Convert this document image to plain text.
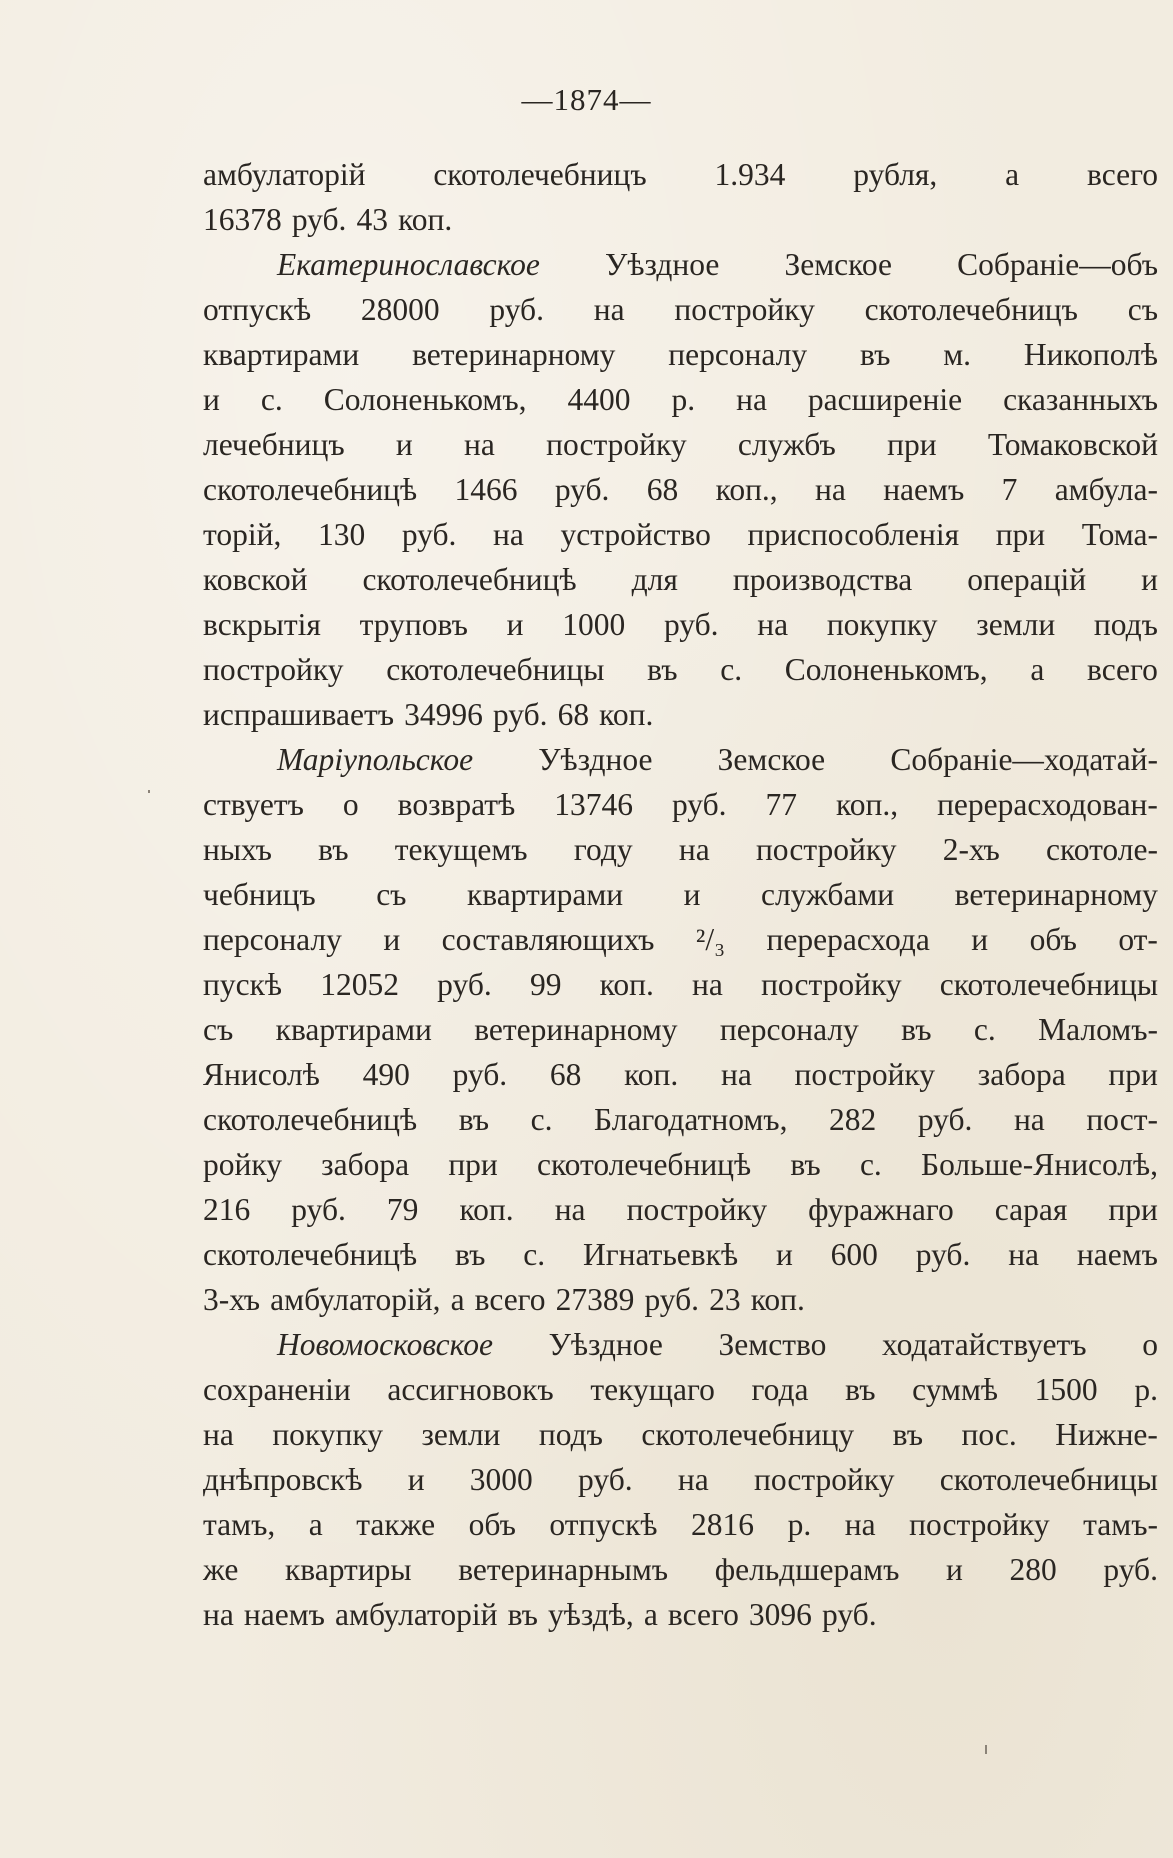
—1874—
амбулаторій скотолечебницъ 1.934 рубля, а всего
16378 руб. 43 коп.
Екатеринославское Уѣздное Земское Собраніе—объ
отпускѣ 28000 руб. на постройку скотолечебницъ съ
квартирами ветеринарному персоналу въ м. Никополѣ
и с. Солоненькомъ, 4400 р. на расширеніе сказанныхъ
лечебницъ и на постройку службъ при Томаковской
скотолечебницѣ 1466 руб. 68 коп., на наемъ 7 амбула-
торій, 130 руб. на устройство приспособленія при Тома-
ковской скотолечебницѣ для производства операцій и
вскрытія труповъ и 1000 руб. на покупку земли подъ
постройку скотолечебницы въ с. Солоненькомъ, а всего
испрашиваетъ 34996 руб. 68 коп.
Маріупольское Уѣздное Земское Собраніе—ходатай-
ствуетъ о возвратѣ 13746 руб. 77 коп., перерасходован-
ныхъ въ текущемъ году на постройку 2-хъ скотоле-
чебницъ съ квартирами и службами ветеринарному
персоналу и составляющихъ ²/₃ перерасхода и объ от-
пускѣ 12052 руб. 99 коп. на постройку скотолечебницы
съ квартирами ветеринарному персоналу въ с. Маломъ-
Янисолѣ 490 руб. 68 коп. на постройку забора при
скотолечебницѣ въ с. Благодатномъ, 282 руб. на пост-
ройку забора при скотолечебницѣ въ с. Больше-Янисолѣ,
216 руб. 79 коп. на постройку фуражнаго сарая при
скотолечебницѣ въ с. Игнатьевкѣ и 600 руб. на наемъ
3-хъ амбулаторій, а всего 27389 руб. 23 коп.
Новомосковское Уѣздное Земство ходатайствуетъ о
сохраненіи ассигновокъ текущаго года въ суммѣ 1500 р.
на покупку земли подъ скотолечебницу въ пос. Нижне-
днѣпровскѣ и 3000 руб. на постройку скотолечебницы
тамъ, а также объ отпускѣ 2816 р. на постройку тамъ-
же квартиры ветеринарнымъ фельдшерамъ и 280 руб.
на наемъ амбулаторій въ уѣздѣ, а всего 3096 руб.
